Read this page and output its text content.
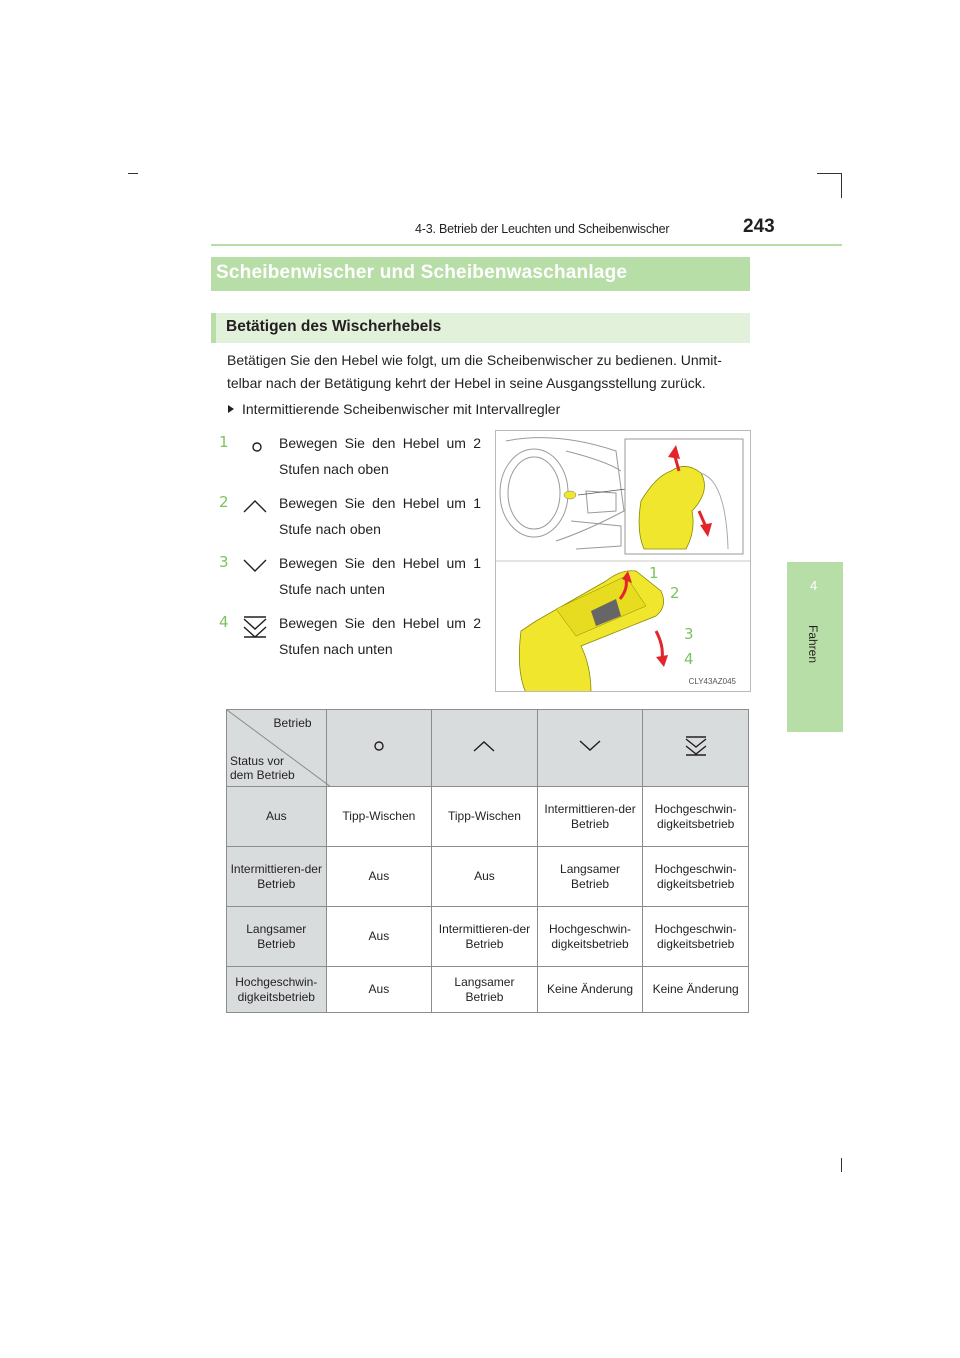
4-3. Betrieb der Leuchten und Scheibenwischer	243
4
Fahren
Scheibenwischer und Scheibenwaschanlage
Betätigen des Wischerhebels
Betätigen Sie den Hebel wie folgt, um die Scheibenwischer zu bedienen. Unmit-telbar nach der Betätigung kehrt der Hebel in seine Ausgangsstellung zurück.
Intermittierende Scheibenwischer mit Intervallregler
1	Bewegen Sie den Hebel um 2 Stufen nach oben
2	Bewegen Sie den Hebel um 1 Stufe nach oben
3	Bewegen Sie den Hebel um 1 Stufe nach unten
4	Bewegen Sie den Hebel um 2 Stufen nach unten
CLY43AZ045
1
2
3
4
Betrieb
Status vor dem Betrieb

Aus	Tipp-Wischen	Tipp-Wischen	Intermittieren-der Betrieb	Hochgeschwin-digkeitsbetrieb
Intermittieren-der Betrieb	Aus	Aus	Langsamer Betrieb	Hochgeschwin-digkeitsbetrieb
Langsamer Betrieb	Aus	Intermittieren-der Betrieb	Hochgeschwin-digkeitsbetrieb	Hochgeschwin-digkeitsbetrieb
Hochgeschwin-digkeitsbetrieb	Aus	Langsamer Betrieb	Keine Änderung	Keine Änderung
